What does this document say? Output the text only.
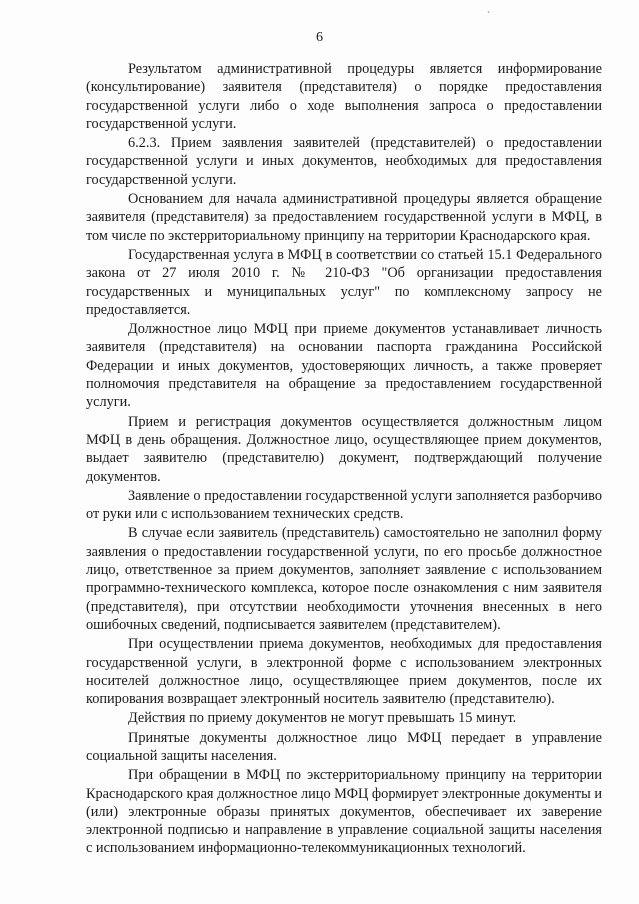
`
6

Результатом административной процедуры является информирование (консультирование) заявителя (представителя) о порядке предоставления государственной услуги либо о ходе выполнения запроса о предоставлении государственной услуги.

6.2.3. Прием заявления заявителей (представителей) о предоставлении государственной услуги и иных документов, необходимых для предоставления государственной услуги.

Основанием для начала административной процедуры является обращение заявителя (представителя) за предоставлением государственной услуги в МФЦ, в том числе по экстерриториальному принципу на территории Краснодарского края.

Государственная услуга в МФЦ в соответствии со статьей 15.1 Федерального закона от 27 июля 2010 г. № 210-ФЗ "Об организации предоставления государственных и муниципальных услуг" по комплексному запросу не предоставляется.

Должностное лицо МФЦ при приеме документов устанавливает личность заявителя (представителя) на основании паспорта гражданина Российской Федерации и иных документов, удостоверяющих личность, а также проверяет полномочия представителя на обращение за предоставлением государственной услуги.

Прием и регистрация документов осуществляется должностным лицом МФЦ в день обращения. Должностное лицо, осуществляющее прием документов, выдает заявителю (представителю) документ, подтверждающий получение документов.

Заявление о предоставлении государственной услуги заполняется разборчиво от руки или с использованием технических средств.

В случае если заявитель (представитель) самостоятельно не заполнил форму заявления о предоставлении государственной услуги, по его просьбе должностное лицо, ответственное за прием документов, заполняет заявление с использованием программно-технического комплекса, которое после ознакомления с ним заявителя (представителя), при отсутствии необходимости уточнения внесенных в него ошибочных сведений, подписывается заявителем (представителем).

При осуществлении приема документов, необходимых для предоставления государственной услуги, в электронной форме с использованием электронных носителей должностное лицо, осуществляющее прием документов, после их копирования возвращает электронный носитель заявителю (представителю).

Действия по приему документов не могут превышать 15 минут.

Принятые документы должностное лицо МФЦ передает в управление социальной защиты населения.

При обращении в МФЦ по экстерриториальному принципу на территории Краснодарского края должностное лицо МФЦ формирует электронные документы и (или) электронные образы принятых документов, обеспечивает их заверение электронной подписью и направление в управление социальной защиты населения с использованием информационно-телекоммуникационных технологий.
